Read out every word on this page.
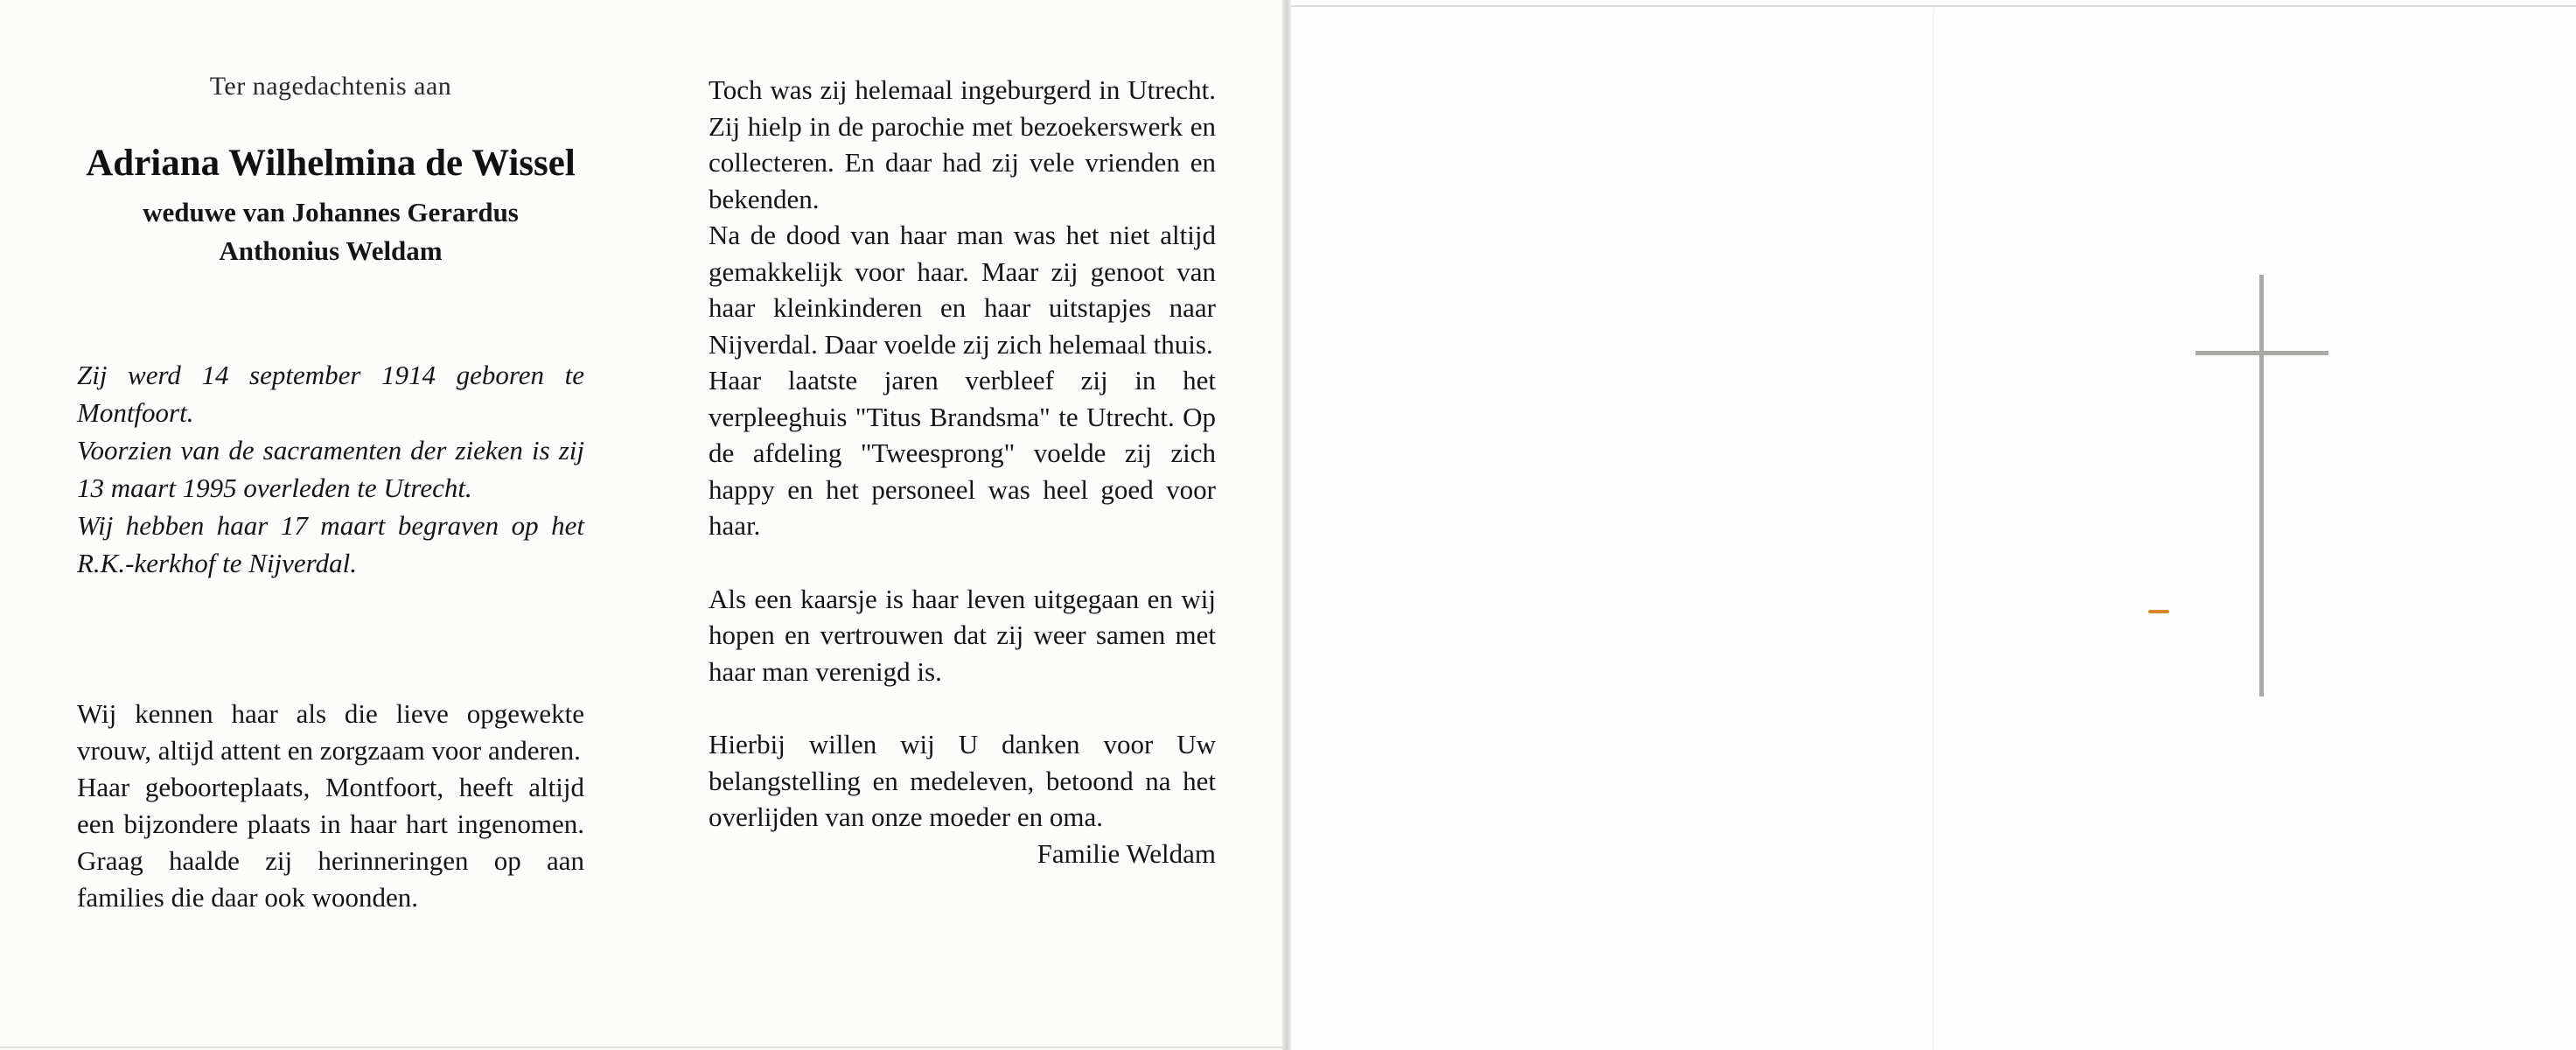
Ter nagedachtenis aan

Adriana Wilhelmina de Wissel

weduwe van Johannes Gerardus

Anthonius Weldam

Zij werd 14 september 1914 geboren te Montfoort.

Voorzien van de sacramenten der zieken is zij 13 maart 1995 overleden te Utrecht.

Wij hebben haar 17 maart begraven op het R.K.-kerkhof te Nijverdal.

Wij kennen haar als die lieve opgewekte vrouw, altijd attent en zorgzaam voor anderen.

Haar geboorteplaats, Montfoort, heeft altijd een bijzondere plaats in haar hart ingenomen. Graag haalde zij herinneringen op aan families die daar ook woonden.

Toch was zij helemaal ingeburgerd in Utrecht. Zij hielp in de parochie met bezoekerswerk en collecteren. En daar had zij vele vrienden en bekenden.

Na de dood van haar man was het niet altijd gemakkelijk voor haar. Maar zij genoot van haar kleinkinderen en haar uitstapjes naar Nijverdal. Daar voelde zij zich helemaal thuis.

Haar laatste jaren verbleef zij in het verpleeghuis "Titus Brandsma" te Utrecht. Op de afdeling "Tweesprong" voelde zij zich happy en het personeel was heel goed voor haar.

Als een kaarsje is haar leven uitgegaan en wij hopen en vertrouwen dat zij weer samen met haar man verenigd is.

Hierbij willen wij U danken voor Uw belangstelling en medeleven, betoond na het overlijden van onze moeder en oma.

Familie Weldam
